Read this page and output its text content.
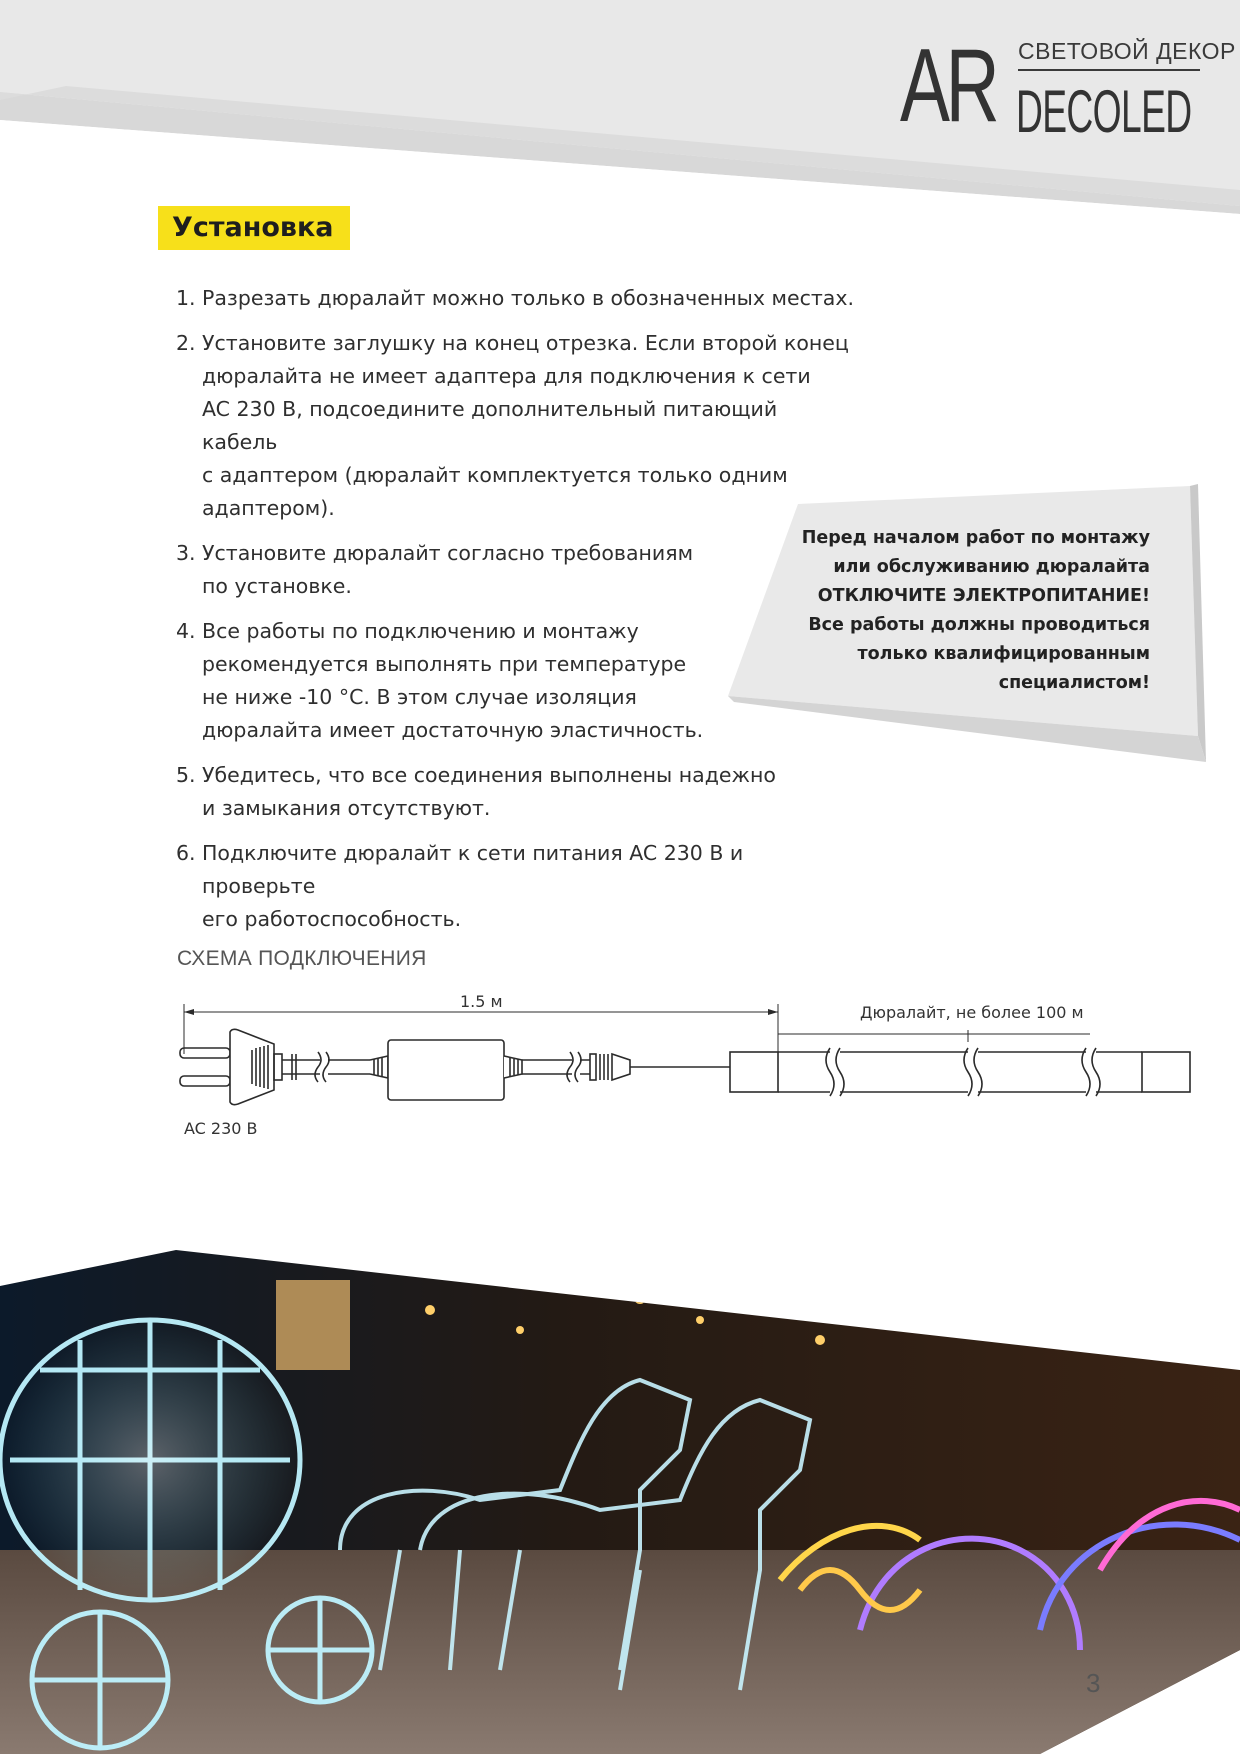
СВЕТОВОЙ ДЕКОР
AR DECOLED
Установка
1. Разрезать дюралайт можно только в обозначенных местах.
2. Установите заглушку на конец отрезка. Если второй конец
дюралайта не имеет адаптера для подключения к сети
AC 230 В, подсоедините дополнительный питающий кабель
с адаптером (дюралайт комплектуется только одним
адаптером).
3. Установите дюралайт согласно требованиям
по установке.
4. Все работы по подключению и монтажу
рекомендуется выполнять при температуре
не ниже -10 °C. В этом случае изоляция
дюралайта имеет достаточную эластичность.
5. Убедитесь, что все соединения выполнены надежно
и замыкания отсутствуют.
6. Подключите дюралайт к сети питания AC 230 В и проверьте
его работоспособность.
Перед началом работ по монтажу
или обслуживанию дюралайта
ОТКЛЮЧИТЕ ЭЛЕКТРОПИТАНИЕ!
Все работы должны проводиться
только квалифицированным
специалистом!
СХЕМА ПОДКЛЮЧЕНИЯ
1.5 м
Дюралайт, не более 100 м
AC 230 В
3
